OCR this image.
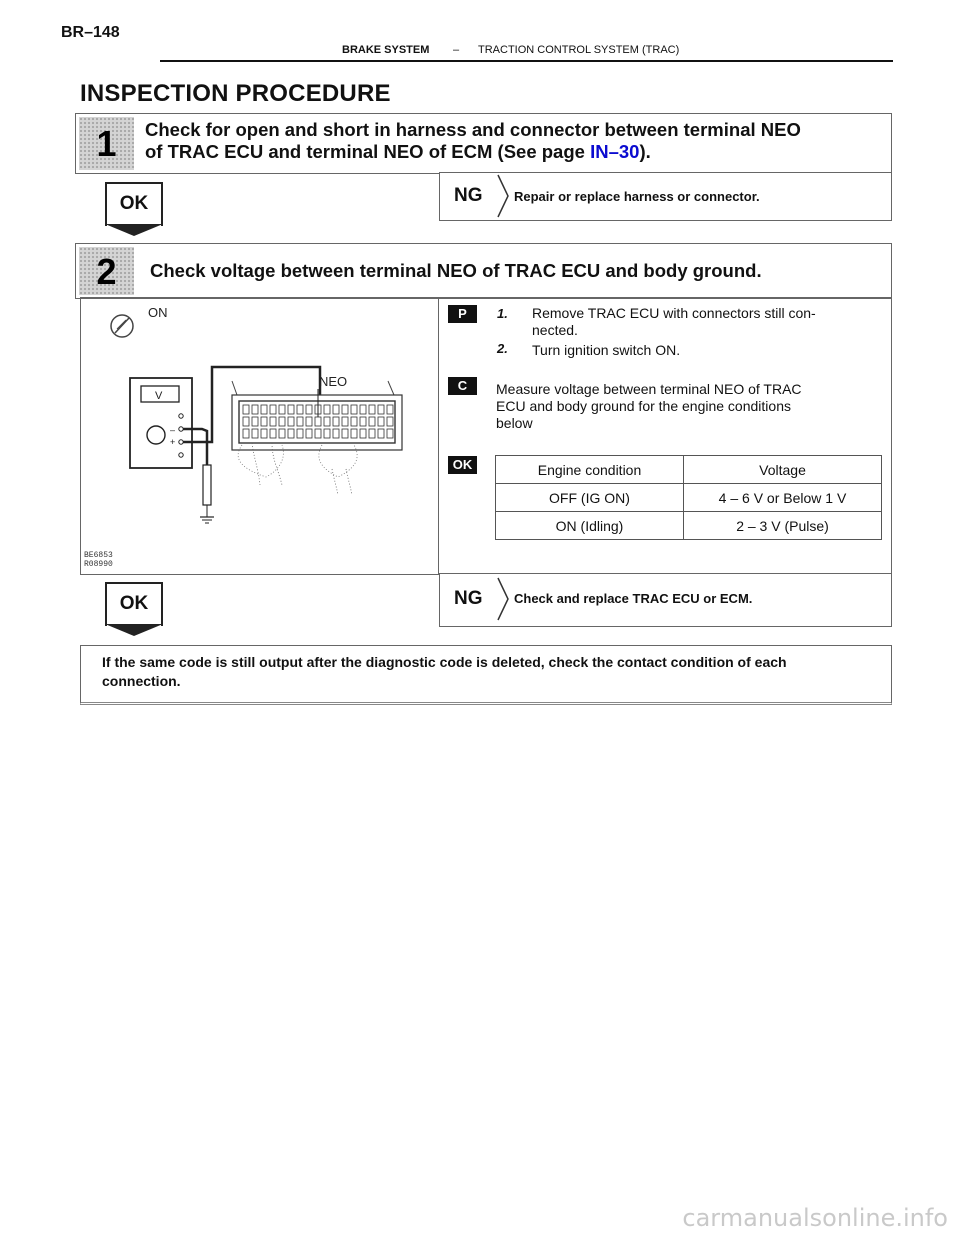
BR–148
BRAKE SYSTEM – TRACTION CONTROL SYSTEM (TRAC)
INSPECTION PROCEDURE
1	Check for open and short in harness and connector between terminal NEO
of TRAC ECU and terminal NEO of ECM (See page IN–30).
OK	NG	Repair or replace harness or connector.
2	Check voltage between terminal NEO of TRAC ECU and body ground.
ON
V
–
+
NEO
BE6853
R08990
P	1. Remove TRAC ECU with connectors still con-
nected.
2. Turn ignition switch ON.
C	Measure voltage between terminal NEO of TRAC
ECU and body ground for the engine conditions
below
OK	Engine condition	Voltage
OFF (IG ON)	4 – 6 V or Below 1 V
ON (Idling)	2 – 3 V (Pulse)
OK	NG	Check and replace TRAC ECU or ECM.
If the same code is still output after the diagnostic code is deleted, check the contact condition of each
connection.
carmanualsonline.info
